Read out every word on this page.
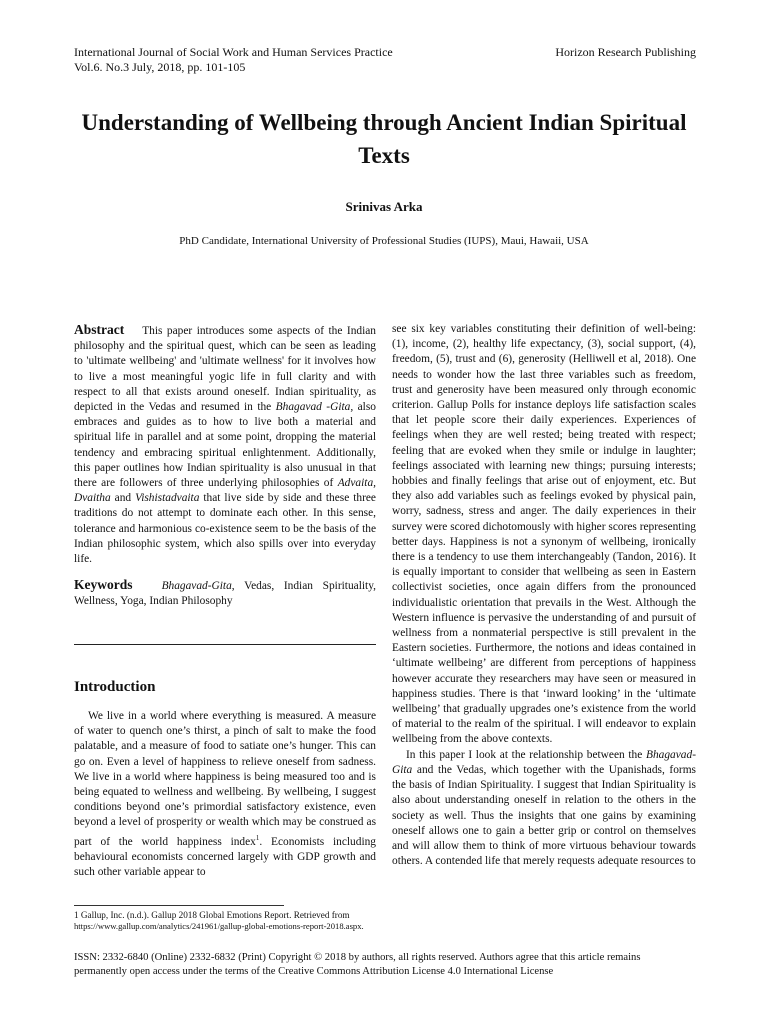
International Journal of Social Work and Human Services Practice
Vol.6. No.3 July, 2018, pp. 101-105
Horizon Research Publishing
Understanding of Wellbeing through Ancient Indian Spiritual Texts
Srinivas Arka
PhD Candidate, International University of Professional Studies (IUPS), Maui, Hawaii, USA

Abstract This paper introduces some aspects of the Indian philosophy and the spiritual quest, which can be seen as leading to 'ultimate wellbeing' and 'ultimate wellness' for it involves how to live a most meaningful yogic life in full clarity and with respect to all that exists around oneself. Indian spirituality, as depicted in the Vedas and resumed in the Bhagavad -Gita, also embraces and guides as to how to live both a material and spiritual life in parallel and at some point, dropping the material tendency and embracing spiritual enlightenment. Additionally, this paper outlines how Indian spirituality is also unusual in that there are followers of three underlying philosophies of Advaita, Dvaitha and Vishistadvaita that live side by side and these three traditions do not attempt to dominate each other. In this sense, tolerance and harmonious co-existence seem to be the basis of the Indian philosophic system, which also spills over into everyday life.

Keywords	Bhagavad-Gita, Vedas, Indian Spirituality, Wellness, Yoga, Indian Philosophy

Introduction

We live in a world where everything is measured. A measure of water to quench one’s thirst, a pinch of salt to make the food palatable, and a measure of food to satiate one’s hunger. This can go on. Even a level of happiness to relieve oneself from sadness. We live in a world where happiness is being measured too and is being equated to wellness and wellbeing. By wellbeing, I suggest conditions beyond one’s primordial satisfactory existence, even beyond a level of prosperity or wealth which may be construed as part of the world happiness index$^1$. Economists including behavioural economists concerned largely with GDP growth and such other variable appear to

1 Gallup, Inc. (n.d.). Gallup 2018 Global Emotions Report. Retrieved from
https://www.gallup.com/analytics/241961/gallup-global-emotions-report-2018.aspx.

see six key variables constituting their definition of well-being: (1), income, (2), healthy life expectancy, (3), social support, (4), freedom, (5), trust and (6), generosity (Helliwell et al, 2018). One needs to wonder how the last three variables such as freedom, trust and generosity have been measured only through economic criterion. Gallup Polls for instance deploys life satisfaction scales that let people score their daily experiences. Experiences of feelings when they are well rested; being treated with respect; feeling that are evoked when they smile or indulge in laughter; feelings associated with learning new things; pursuing interests; hobbies and finally feelings that arise out of enjoyment, etc. But they also add variables such as feelings evoked by physical pain, worry, sadness, stress and anger. The daily experiences in their survey were scored dichotomously with higher scores representing better days. Happiness is not a synonym of wellbeing, ironically there is a tendency to use them interchangeably (Tandon, 2016). It is equally important to consider that wellbeing as seen in Eastern collectivist societies, once again differs from the pronounced individualistic orientation that prevails in the West. Although the Western influence is pervasive the understanding of and pursuit of wellness from a nonmaterial perspective is still prevalent in the Eastern societies. Furthermore, the notions and ideas contained in ‘ultimate wellbeing’ are different from perceptions of happiness however accurate they researchers may have seen or measured in happiness studies. There is that ‘inward looking’ in the ‘ultimate wellbeing’ that gradually upgrades one’s existence from the world of material to the realm of the spiritual. I will endeavor to explain wellbeing from the above contexts.

In this paper I look at the relationship between the Bhagavad-Gita and the Vedas, which together with the Upanishads, forms the basis of Indian Spirituality. I suggest that Indian Spirituality is also about understanding oneself in relation to the others in the society as well. Thus the insights that one gains by examining oneself allows one to gain a better grip or control on themselves and will allow them to think of more virtuous behaviour towards others. A contended life that merely requests adequate resources to

ISSN: 2332-6840 (Online) 2332-6832 (Print) Copyright © 2018 by authors, all rights reserved. Authors agree that this article remains
permanently open access under the terms of the Creative Commons Attribution License 4.0 International License
